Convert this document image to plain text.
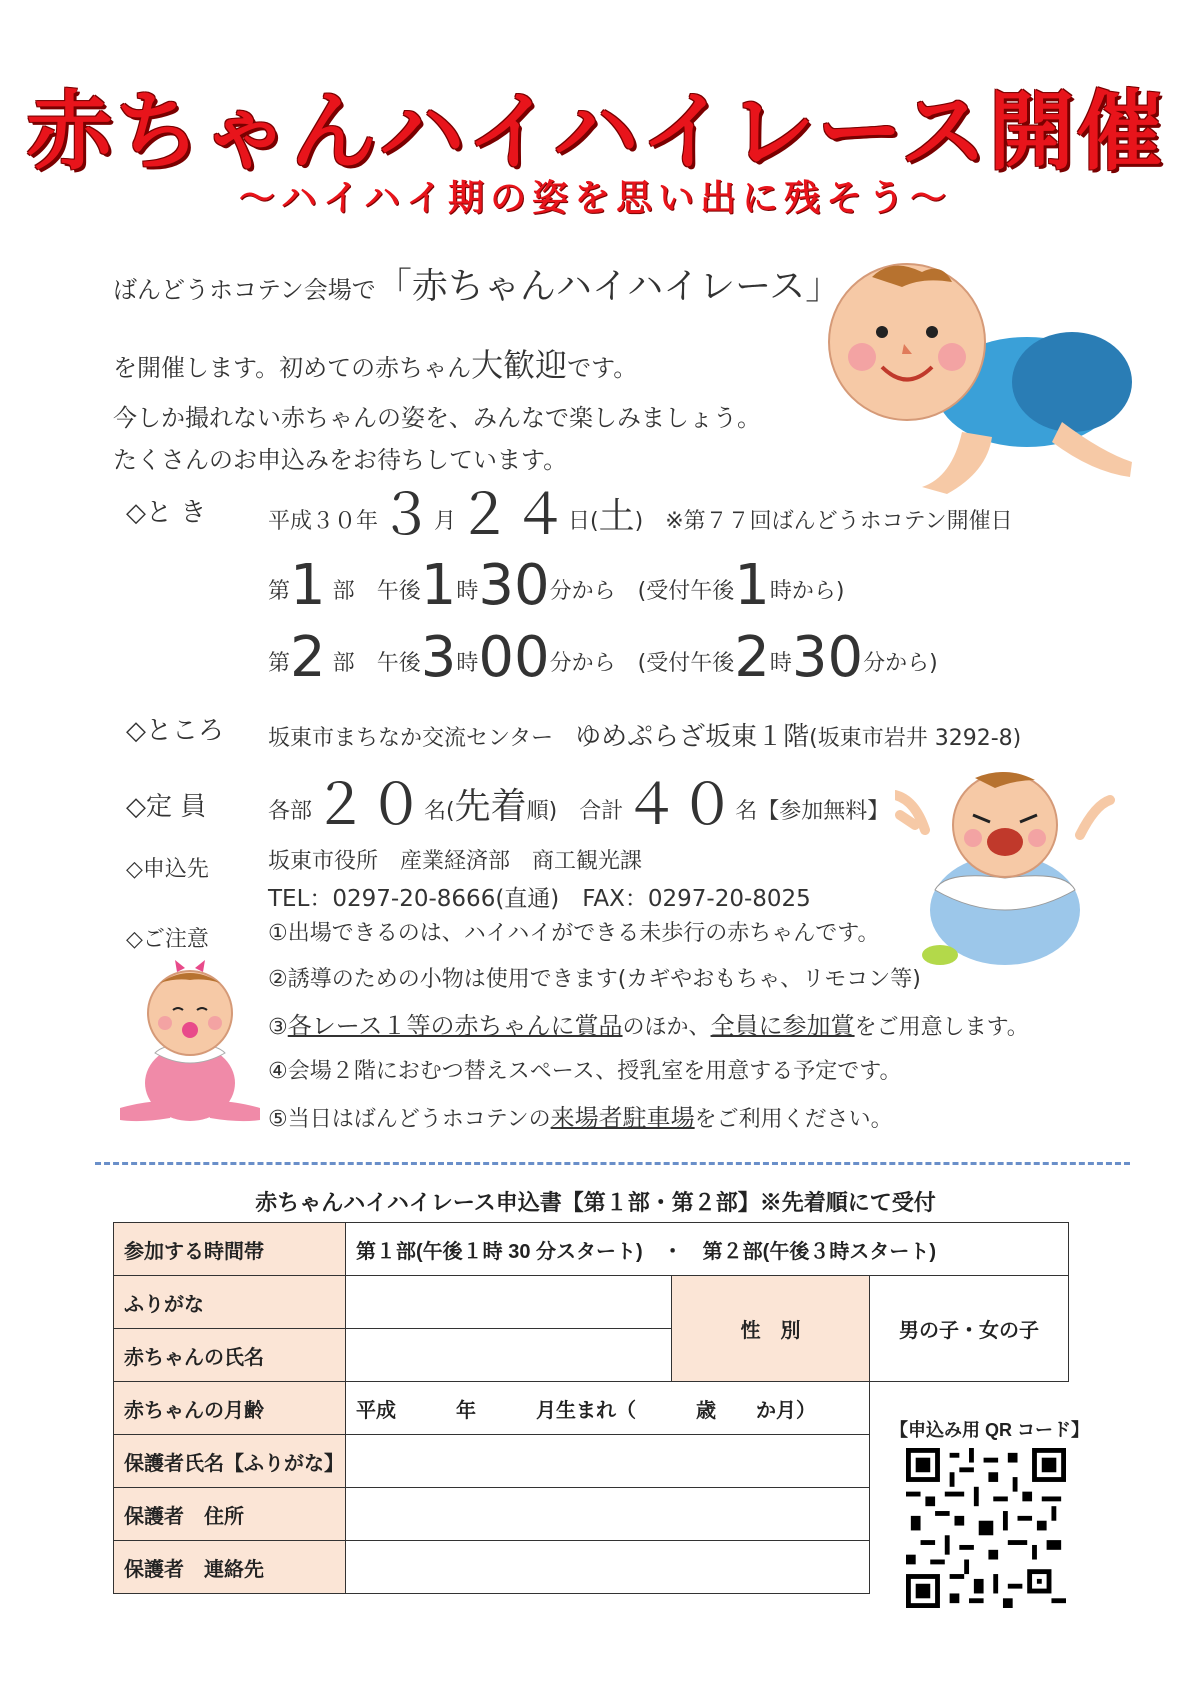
赤ちゃんハイハイレース開催
～ハイハイ期の姿を思い出に残そう～
ばんどうホコテン会場で「赤ちゃんハイハイレース」
を開催します。初めての赤ちゃん大歓迎です。
今しか撮れない赤ちゃんの姿を、みんなで楽しみましょう。
たくさんのお申込みをお待ちしています。
◇と き	平成３０年３月２４日(土)　※第７７回ばんどうホコテン開催日
第1 部　 午後1時30分から　 (受付午後1時から)
第2 部　 午後3時00分から　 (受付午後2時30分から)
◇ところ 坂東市まちなか交流センター　 ゆめぷらざ坂東１階(坂東市岩井 3292-8)
◇定 員	各部２０名(先着順)　 合計４０名【参加無料】
◇申込先	坂東市役所　産業経済部　商工観光課
TEL：0297-20-8666(直通)　FAX：0297-20-8025
◇ご注意	①出場できるのは、ハイハイができる未歩行の赤ちゃんです。
②誘導のための小物は使用できます(カギやおもちゃ、リモコン等)
③各レース１等の赤ちゃんに賞品のほか、全員に参加賞をご用意します。
④会場２階におむつ替えスペース、授乳室を用意する予定です。
⑤当日はばんどうホコテンの来場者駐車場をご利用ください。
赤ちゃんハイハイレース申込書【第１部・第２部】※先着順にて受付
参加する時間帯	第１部(午後１時 30 分スタート)　・　第２部(午後３時スタート)		
ふりがな		性　別	男の子・女の子
赤ちゃんの氏名			
赤ちゃんの月齢	平成　　　年　　　月生まれ（　　　歳　　か月）		
保護者氏名【ふりがな】			
保護者　住所			
保護者　連絡先			
【申込み用 QR コード】
